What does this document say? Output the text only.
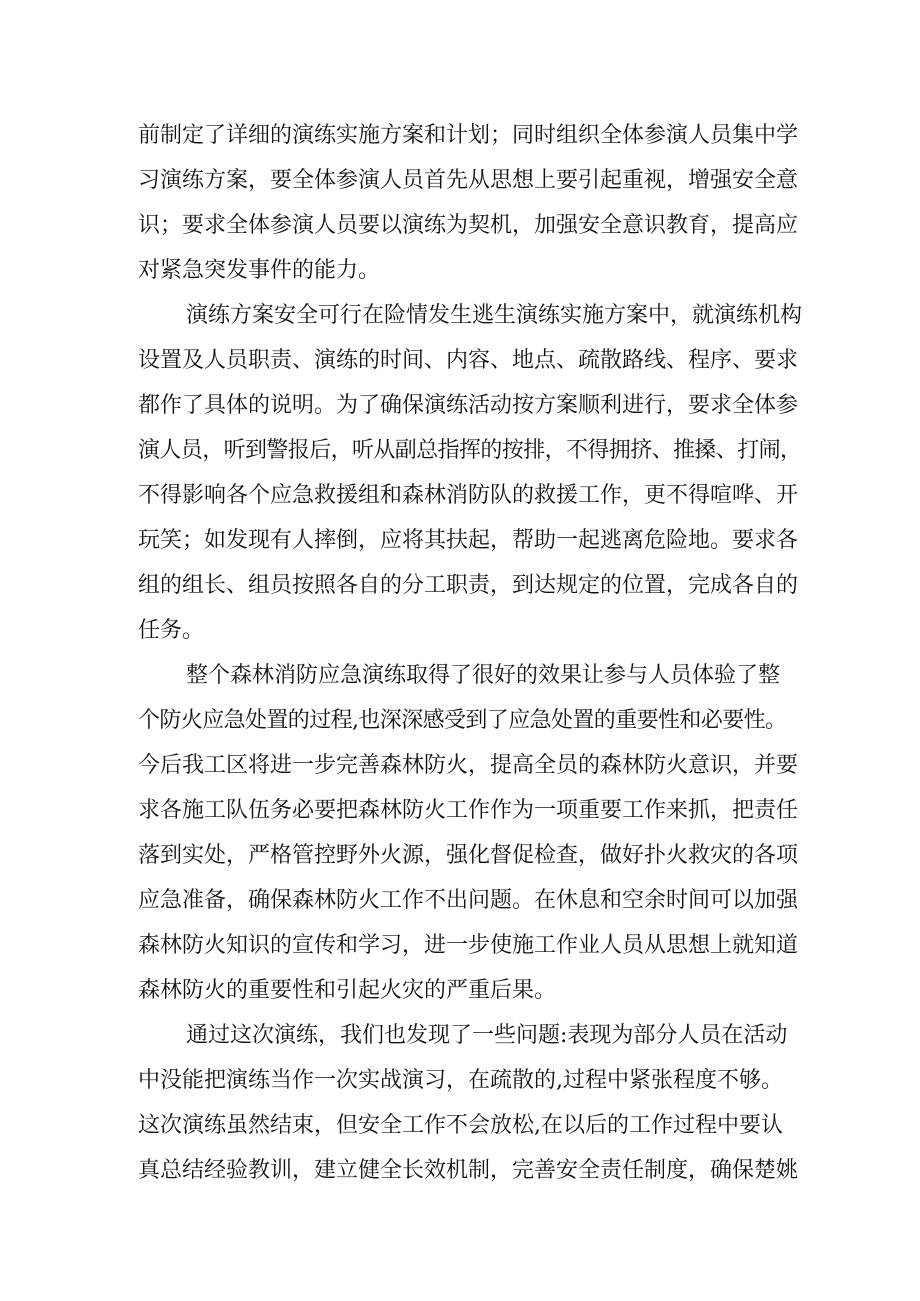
前制定了详细的演练实施方案和计划；同时组织全体参演人员集中学
习演练方案，要全体参演人员首先从思想上要引起重视，增强安全意
识；要求全体参演人员要以演练为契机，加强安全意识教育，提高应
对紧急突发事件的能力。
演练方案安全可行在险情发生逃生演练实施方案中，就演练机构
设置及人员职责、演练的时间、内容、地点、疏散路线、程序、要求
都作了具体的说明。为了确保演练活动按方案顺利进行，要求全体参
演人员，听到警报后，听从副总指挥的按排，不得拥挤、推搡、打闹，
不得影响各个应急救援组和森林消防队的救援工作，更不得喧哗、开
玩笑；如发现有人摔倒，应将其扶起，帮助一起逃离危险地。要求各
组的组长、组员按照各自的分工职责，到达规定的位置，完成各自的
任务。
整个森林消防应急演练取得了很好的效果让参与人员体验了整
个防火应急处置的过程,也深深感受到了应急处置的重要性和必要性。
今后我工区将进一步完善森林防火，提高全员的森林防火意识，并要
求各施工队伍务必要把森林防火工作作为一项重要工作来抓，把责任
落到实处，严格管控野外火源，强化督促检查，做好扑火救灾的各项
应急准备，确保森林防火工作不出问题。在休息和空余时间可以加强
森林防火知识的宣传和学习，进一步使施工作业人员从思想上就知道
森林防火的重要性和引起火灾的严重后果。
通过这次演练，我们也发现了一些问题:表现为部分人员在活动
中没能把演练当作一次实战演习，在疏散的,过程中紧张程度不够。
这次演练虽然结束，但安全工作不会放松,在以后的工作过程中要认
真总结经验教训，建立健全长效机制，完善安全责任制度，确保楚姚
